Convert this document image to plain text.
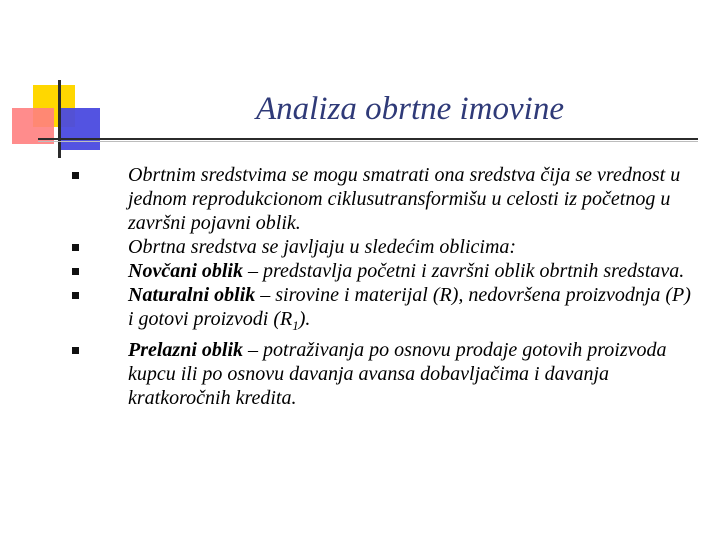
Analiza obrtne imovine
Obrtnim sredstvima se mogu smatrati ona sredstva čija se vrednost u jednom reprodukcionom ciklusutransformišu u celosti iz početnog u završni pojavni oblik.
Obrtna sredstva se javljaju u sledećim oblicima:
Novčani oblik – predstavlja početni i završni oblik obrtnih sredstava.
Naturalni oblik – sirovine i materijal (R), nedovršena proizvodnja (P) i gotovi proizvodi $(R_1)$.
Prelazni oblik – potraživanja po osnovu prodaje gotovih proizvoda kupcu ili po osnovu davanja avansa dobavljačima i davanja kratkoročnih kredita.
